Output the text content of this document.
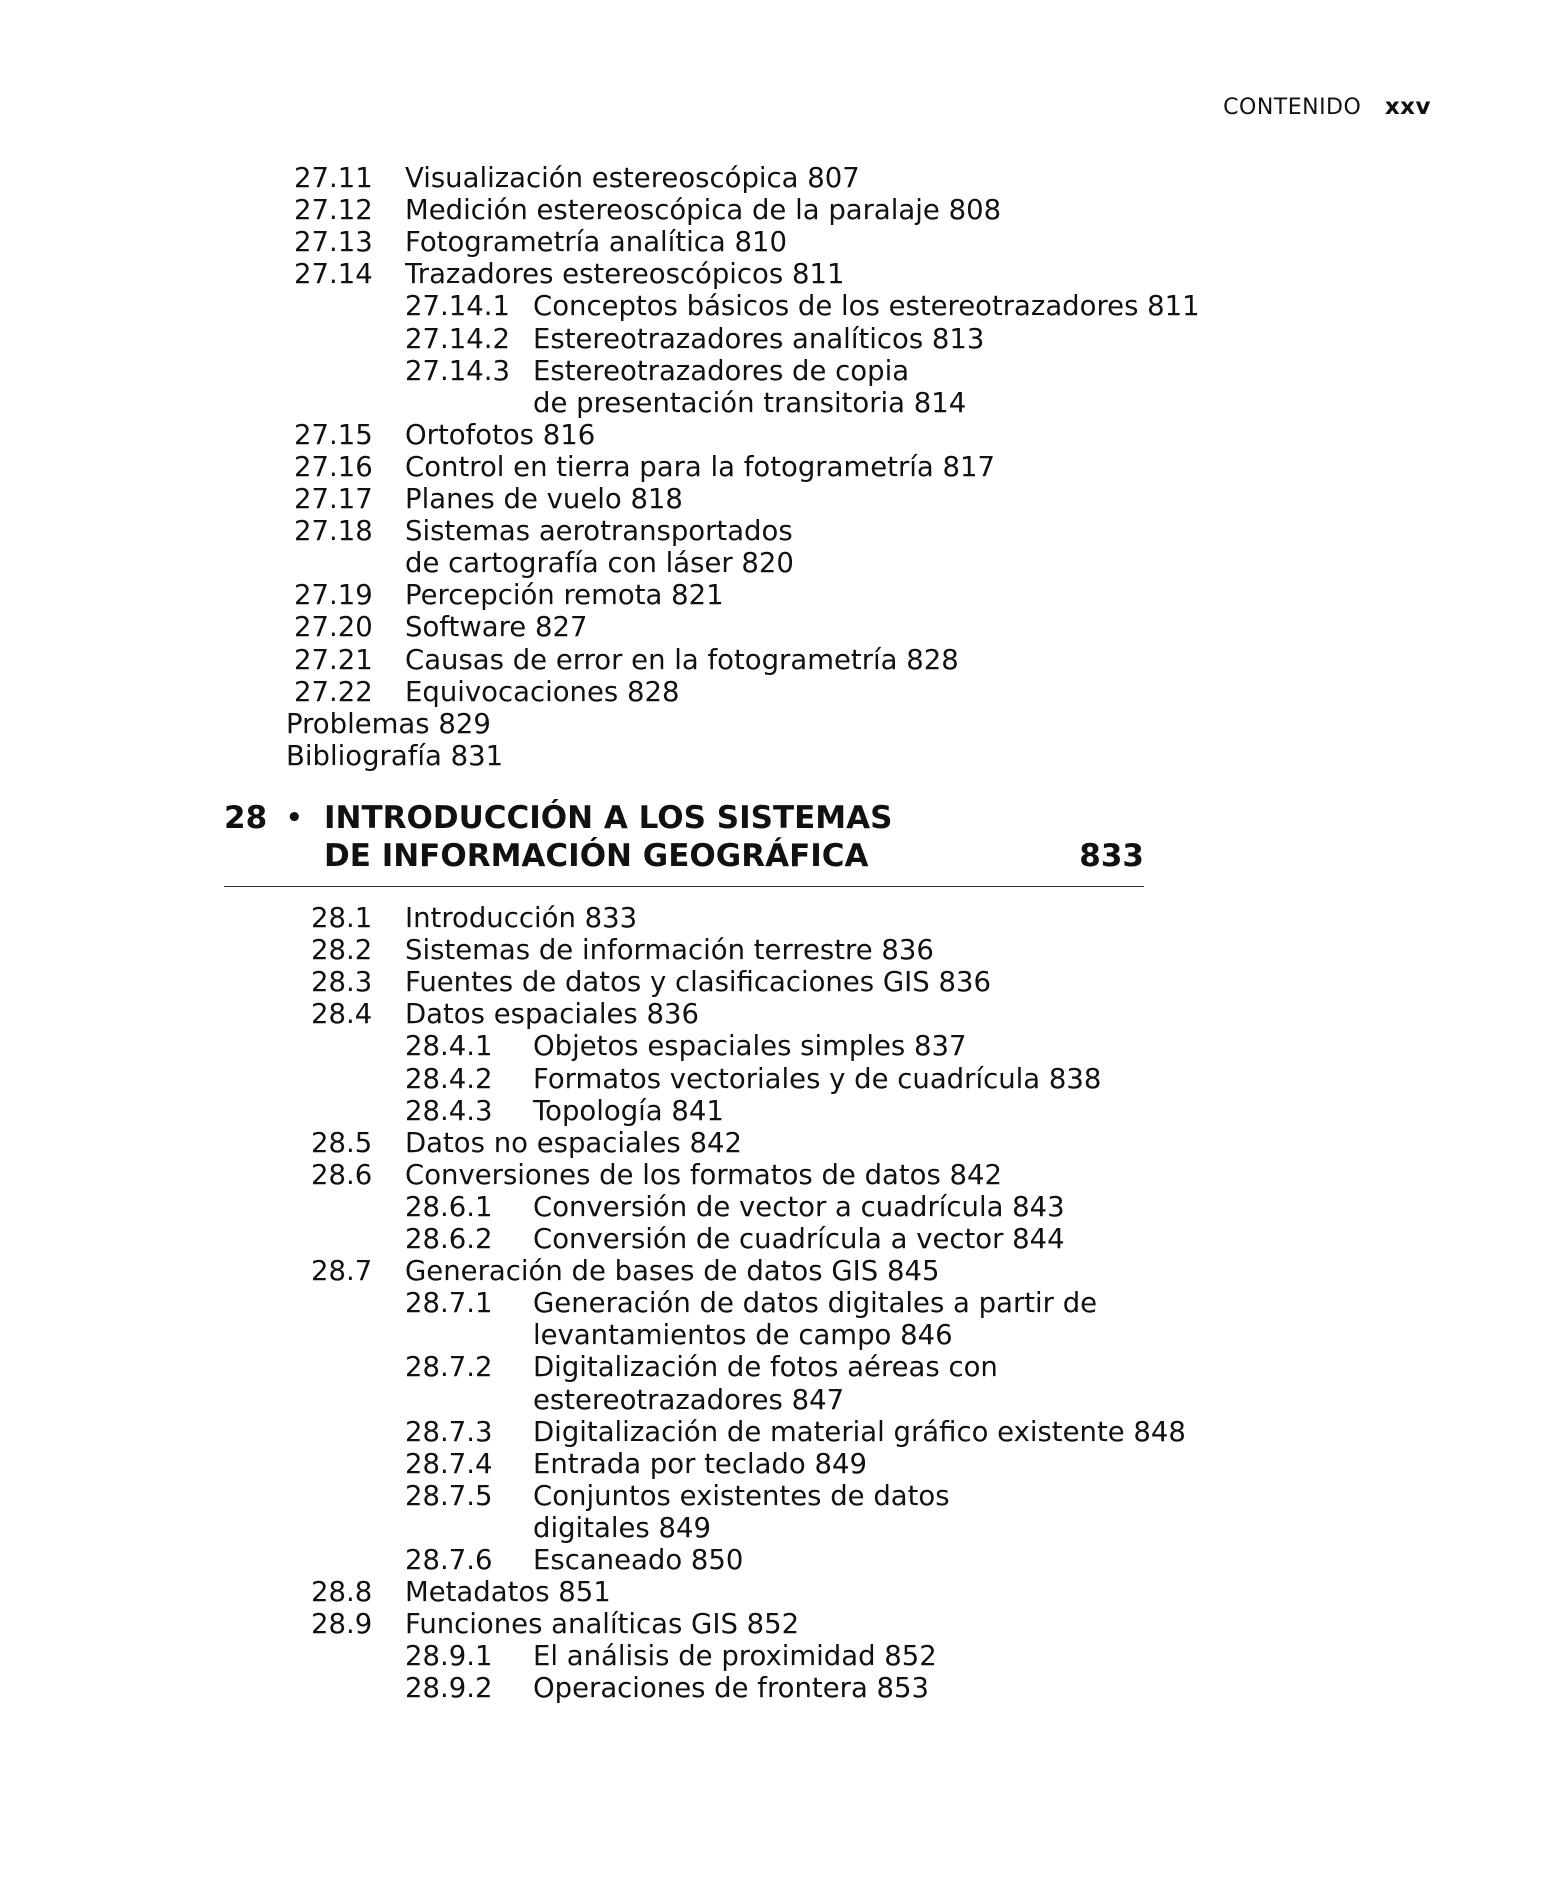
CONTENIDO xxv
27.11 Visualización estereoscópica 807
27.12 Medición estereoscópica de la paralaje 808
27.13 Fotogrametría analítica 810
27.14 Trazadores estereoscópicos 811
27.14.1 Conceptos básicos de los estereotrazadores 811
27.14.2 Estereotrazadores analíticos 813
27.14.3 Estereotrazadores de copia
de presentación transitoria 814
27.15 Ortofotos 816
27.16 Control en tierra para la fotogrametría 817
27.17 Planes de vuelo 818
27.18 Sistemas aerotransportados
de cartografía con láser 820
27.19 Percepción remota 821
27.20 Software 827
27.21 Causas de error en la fotogrametría 828
27.22 Equivocaciones 828
Problemas 829
Bibliografía 831
28 • INTRODUCCIÓN A LOS SISTEMAS
DE INFORMACIÓN GEOGRÁFICA	833
28.1 Introducción 833
28.2 Sistemas de información terrestre 836
28.3 Fuentes de datos y clasificaciones GIS 836
28.4 Datos espaciales 836
28.4.1 Objetos espaciales simples 837
28.4.2 Formatos vectoriales y de cuadrícula 838
28.4.3 Topología 841
28.5 Datos no espaciales 842
28.6 Conversiones de los formatos de datos 842
28.6.1 Conversión de vector a cuadrícula 843
28.6.2 Conversión de cuadrícula a vector 844
28.7 Generación de bases de datos GIS 845
28.7.1 Generación de datos digitales a partir de
levantamientos de campo 846
28.7.2 Digitalización de fotos aéreas con
estereotrazadores 847
28.7.3 Digitalización de material gráfico existente 848
28.7.4 Entrada por teclado 849
28.7.5 Conjuntos existentes de datos
digitales 849
28.7.6 Escaneado 850
28.8 Metadatos 851
28.9 Funciones analíticas GIS 852
28.9.1 El análisis de proximidad 852
28.9.2 Operaciones de frontera 853
